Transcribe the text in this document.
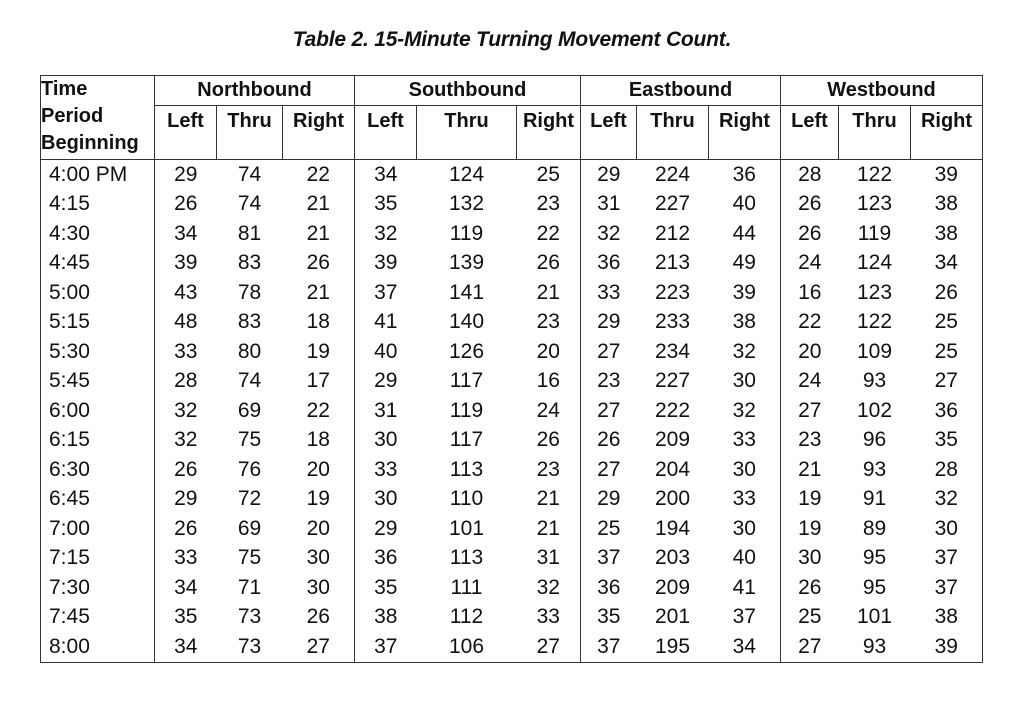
Table 2. 15-Minute Turning Movement Count.
Time
Period
Beginning	Northbound			Southbound			Eastbound			Westbound		
	Left	Thru	Right	Left	Thru	Right	Left	Thru	Right	Left	Thru	Right

4:00 PM	29	74	22	34	124	25	29	224	36	28	122	39
4:15	26	74	21	35	132	23	31	227	40	26	123	38
4:30	34	81	21	32	119	22	32	212	44	26	119	38
4:45	39	83	26	39	139	26	36	213	49	24	124	34
5:00	43	78	21	37	141	21	33	223	39	16	123	26
5:15	48	83	18	41	140	23	29	233	38	22	122	25
5:30	33	80	19	40	126	20	27	234	32	20	109	25
5:45	28	74	17	29	117	16	23	227	30	24	93	27
6:00	32	69	22	31	119	24	27	222	32	27	102	36
6:15	32	75	18	30	117	26	26	209	33	23	96	35
6:30	26	76	20	33	113	23	27	204	30	21	93	28
6:45	29	72	19	30	110	21	29	200	33	19	91	32
7:00	26	69	20	29	101	21	25	194	30	19	89	30
7:15	33	75	30	36	113	31	37	203	40	30	95	37
7:30	34	71	30	35	111	32	36	209	41	26	95	37
7:45	35	73	26	38	112	33	35	201	37	25	101	38
8:00	34	73	27	37	106	27	37	195	34	27	93	39
